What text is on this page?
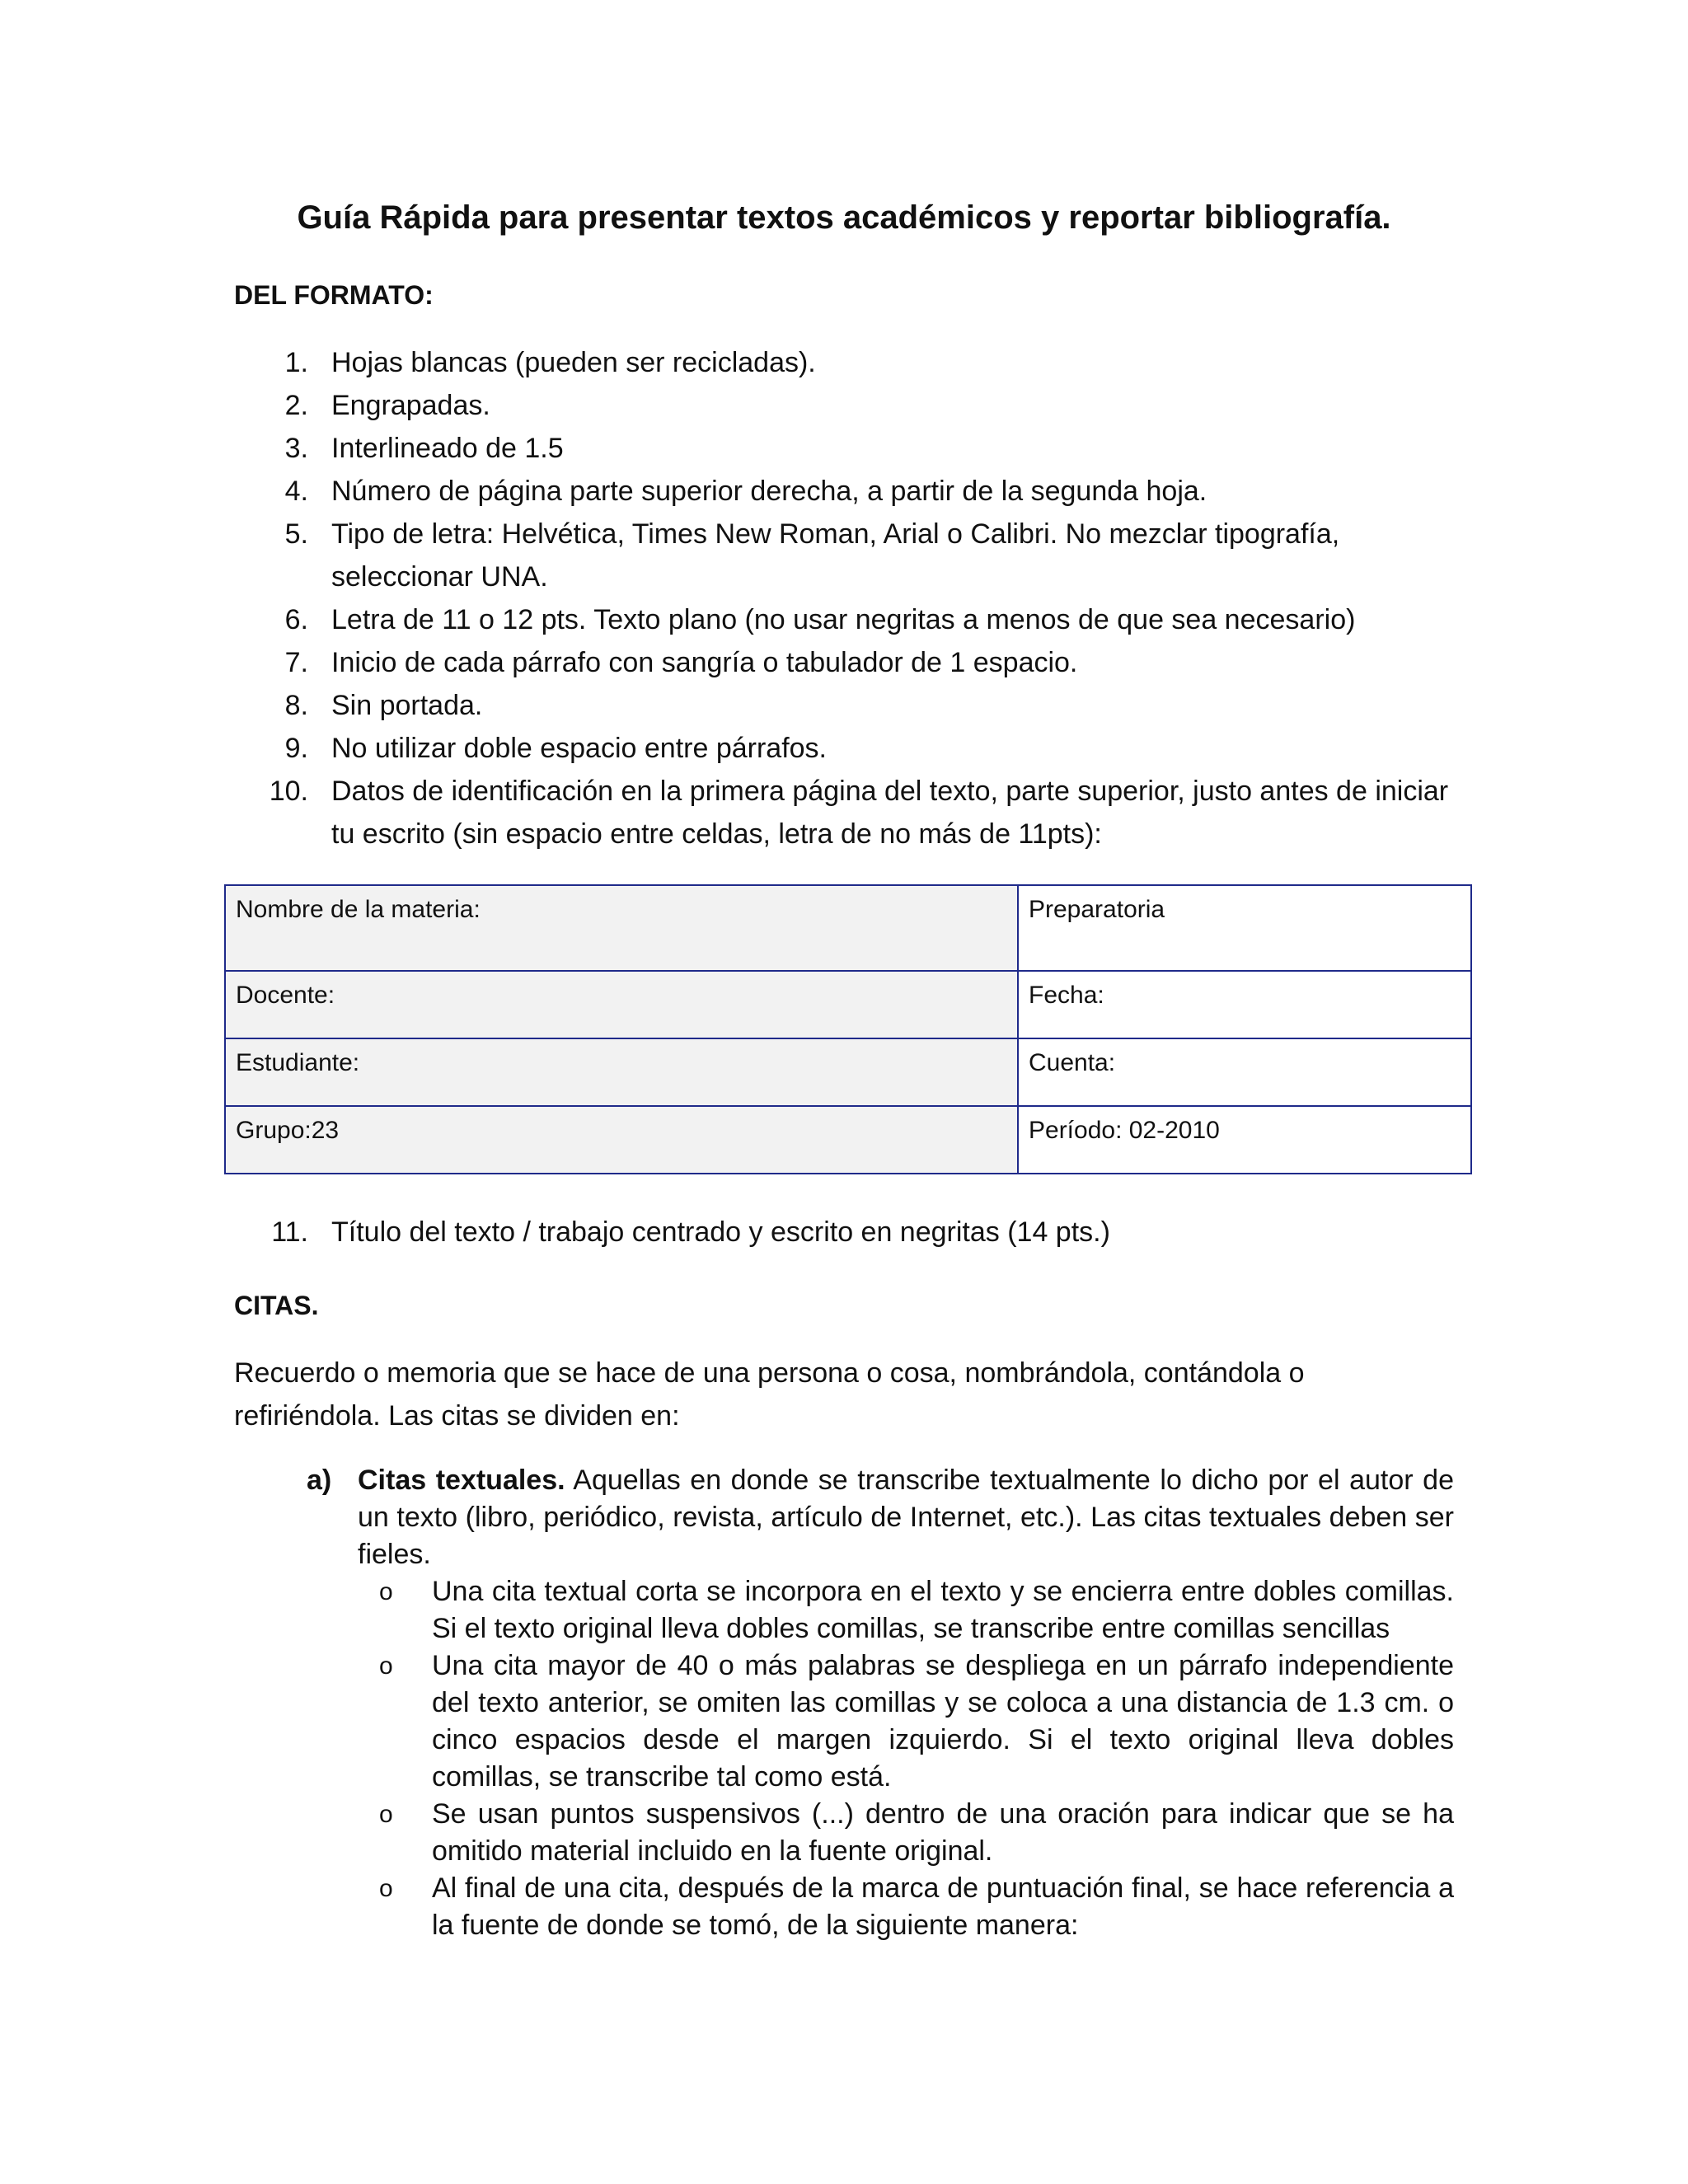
Guía Rápida para presentar textos académicos y reportar bibliografía.
DEL FORMATO:
1. Hojas blancas (pueden ser recicladas).
2. Engrapadas.
3. Interlineado de 1.5
4. Número de página parte superior derecha, a partir de la segunda hoja.
5. Tipo de letra: Helvética, Times New Roman, Arial o Calibri. No mezclar tipografía, seleccionar UNA.
6. Letra de 11 o 12 pts. Texto plano (no usar negritas a menos de que sea necesario)
7. Inicio de cada párrafo con sangría o tabulador de 1 espacio.
8. Sin portada.
9. No utilizar doble espacio entre párrafos.
10. Datos de identificación en la primera página del texto, parte superior, justo antes de iniciar tu escrito (sin espacio entre celdas, letra de no más de 11pts):
Nombre de la materia:	Preparatoria
Docente:	Fecha:
Estudiante:	Cuenta:
Grupo:23	Período: 02-2010
11. Título del texto / trabajo centrado y escrito en negritas (14 pts.)
CITAS.
Recuerdo o memoria que se hace de una persona o cosa, nombrándola, contándola o refiriéndola. Las citas se dividen en:
a) Citas textuales. Aquellas en donde se transcribe textualmente lo dicho por el autor de un texto (libro, periódico, revista, artículo de Internet, etc.). Las citas textuales deben ser fieles.
o Una cita textual corta se incorpora en el texto y se encierra entre dobles comillas. Si el texto original lleva dobles comillas, se transcribe entre comillas sencillas
o Una cita mayor de 40 o más palabras se despliega en un párrafo independiente del texto anterior, se omiten las comillas y se coloca a una distancia de 1.3 cm. o cinco espacios desde el margen izquierdo. Si el texto original lleva dobles comillas, se transcribe tal como está.
o Se usan puntos suspensivos (...) dentro de una oración para indicar que se ha omitido material incluido en la fuente original.
o Al final de una cita, después de la marca de puntuación final, se hace referencia a la fuente de donde se tomó, de la siguiente manera:
